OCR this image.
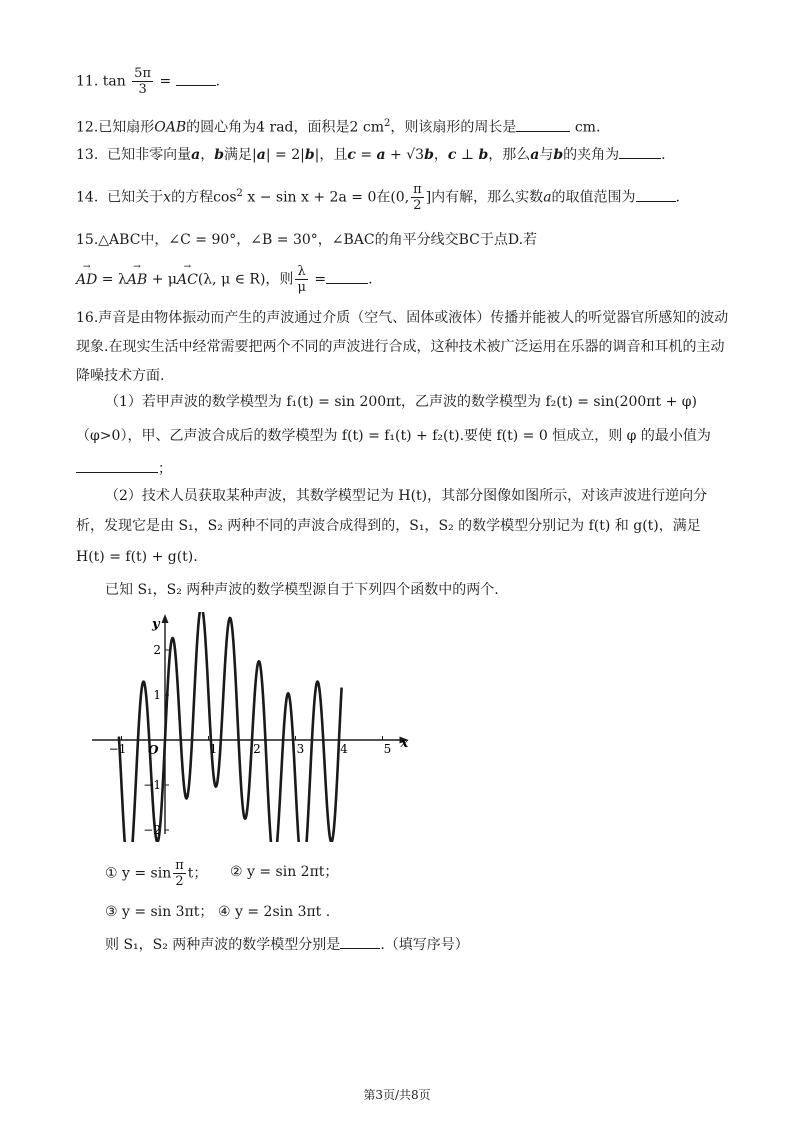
11. $\tan \frac{5\pi}{3}$ =	.
12.已知扇形OAB的圆心角为4 rad，面积是2 $cm^2$，则该扇形的周长是	cm.
13. 已知非零向量a，b满足|a| = 2|b|，且c = a + √3b，c ⊥ b，那么a与b的夹角为	.
14. 已知关于x的方程$\cos^2 x - \sin x + 2a = 0$在(0, $\frac{\pi}{2}$ ]内有解，那么实数a的取值范围为	.
15.△ABC中，∠C = 90°，∠B = 30°，∠BAC的角平分线交BC于点D.若
→
AD = λ
→
AB + μ
→
AC(λ, μ ∈ R)，则 $\frac{\lambda}{\mu}$ =	.
16.声音是由物体振动而产生的声波通过介质（空气、固体或液体）传播并能被人的听觉器官所感知的波动
现象.在现实生活中经常需要把两个不同的声波进行合成，这种技术被广泛运用在乐器的调音和耳机的主动
降噪技术方面.
（1）若甲声波的数学模型为 f₁(t) = sin 200πt，乙声波的数学模型为 f₂(t) = sin(200πt + φ)
（φ>0），甲、乙声波合成后的数学模型为 f(t) = f₁(t) + f₂(t).要使 f(t) = 0 恒成立，则 φ 的最小值为
；
（2）技术人员获取某种声波，其数学模型记为 H(t)，其部分图像如图所示，对该声波进行逆向分
析，发现它是由 S₁，S₂ 两种不同的声波合成得到的，S₁，S₂ 的数学模型分别记为 f(t) 和 g(t)，满足
H(t) = f(t) + g(t).
已知 S₁，S₂ 两种声波的数学模型源自于下列四个函数中的两个.
−1	1	2	3	4	5
2
1
−1
−2
x
y
O
① $y = \sin \frac{\pi}{2}$ t； ② y = sin 2πt；
③ y = sin 3πt； ④ y = 2sin 3πt .
则 S₁，S₂ 两种声波的数学模型分别是	.（填写序号）
第3页/共8页
